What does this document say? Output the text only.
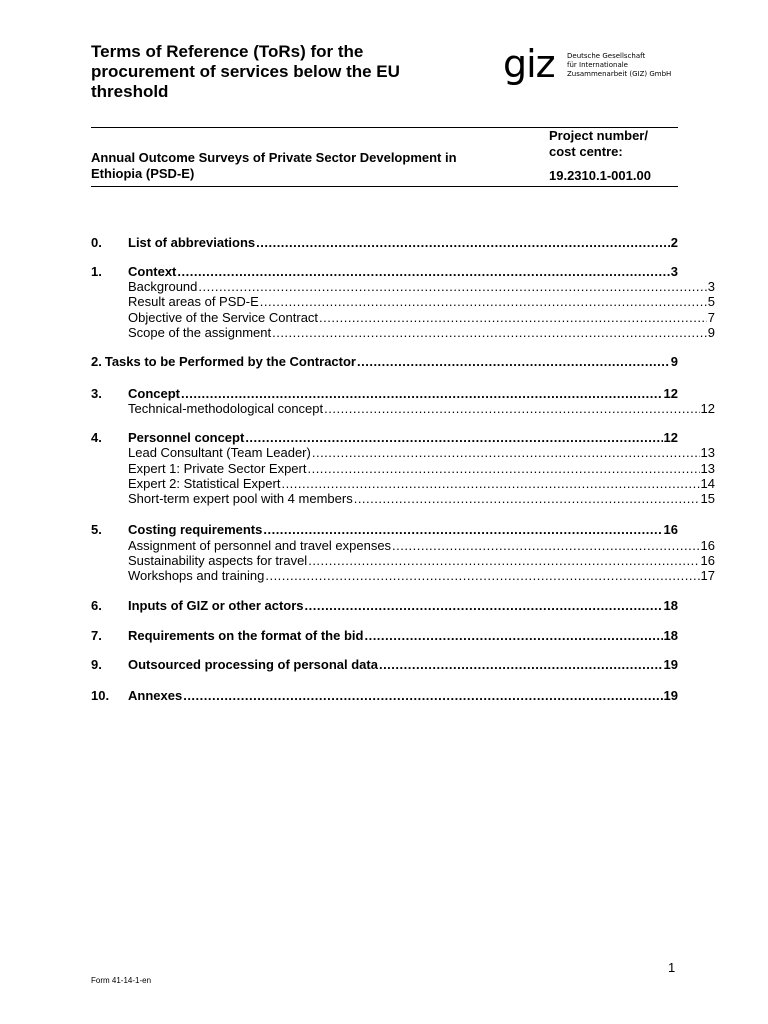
Terms of Reference (ToRs) for the
procurement of services below the EU
threshold
giz Deutsche Gesellschaft
für Internationale
Zusammenarbeit (GIZ) GmbH
Annual Outcome Surveys of Private Sector Development in
Ethiopia (PSD-E)
Project number/
cost centre:
19.2310.1-001.00
0.	List of abbreviations .....	2
1.	Context .....	3
Background .....	3
Result areas of PSD-E .....	5
Objective of the Service Contract .....	7
Scope of the assignment .....	9
2. Tasks to be Performed by the Contractor .....	9
3.	Concept .....	12
Technical-methodological concept .....	12
4.	Personnel concept .....	12
Lead Consultant (Team Leader) .....	13
Expert 1: Private Sector Expert .....	13
Expert 2: Statistical Expert .....	14
Short-term expert pool with 4 members .....	15
5.	Costing requirements .....	16
Assignment of personnel and travel expenses .....	16
Sustainability aspects for travel .....	16
Workshops and training .....	17
6.	Inputs of GIZ or other actors .....	18
7.	Requirements on the format of the bid .....	18
9.	Outsourced processing of personal data .....	19
10.	Annexes .....	19
Form 41-14-1-en
1
